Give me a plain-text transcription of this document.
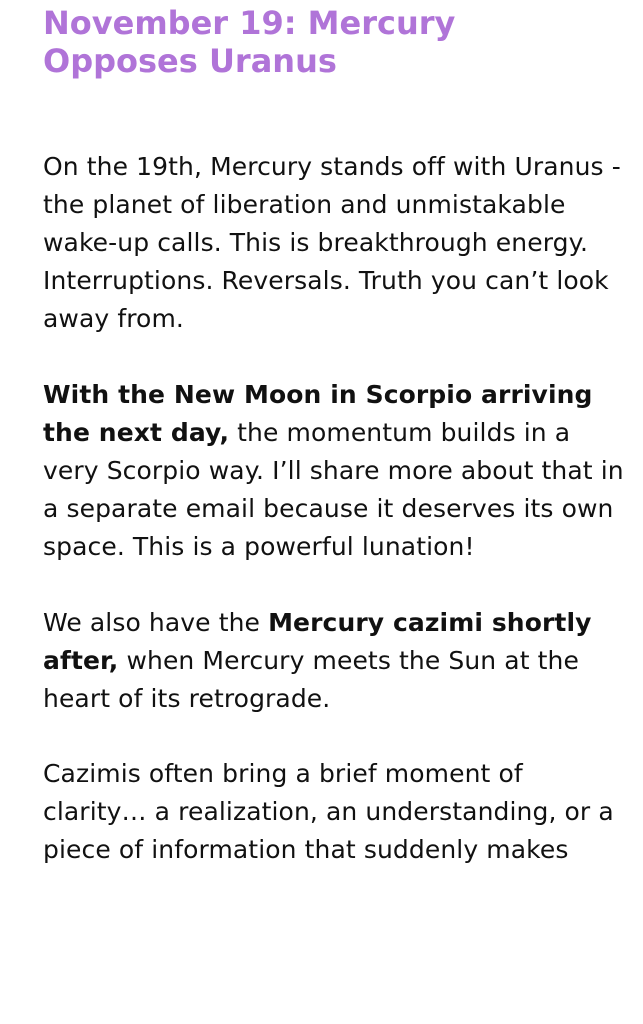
November 19: Mercury
Opposes Uranus

On the 19th, Mercury stands off with Uranus - the planet of liberation and unmistakable wake-up calls. This is breakthrough energy. Interruptions. Reversals. Truth you can’t look away from.

With the New Moon in Scorpio arriving the next day, the momentum builds in a very Scorpio way. I’ll share more about that in a separate email because it deserves its own space. This is a powerful lunation!

We also have the Mercury cazimi shortly after, when Mercury meets the Sun at the heart of its retrograde.

Cazimis often bring a brief moment of clarity… a realization, an understanding, or a piece of information that suddenly makes
